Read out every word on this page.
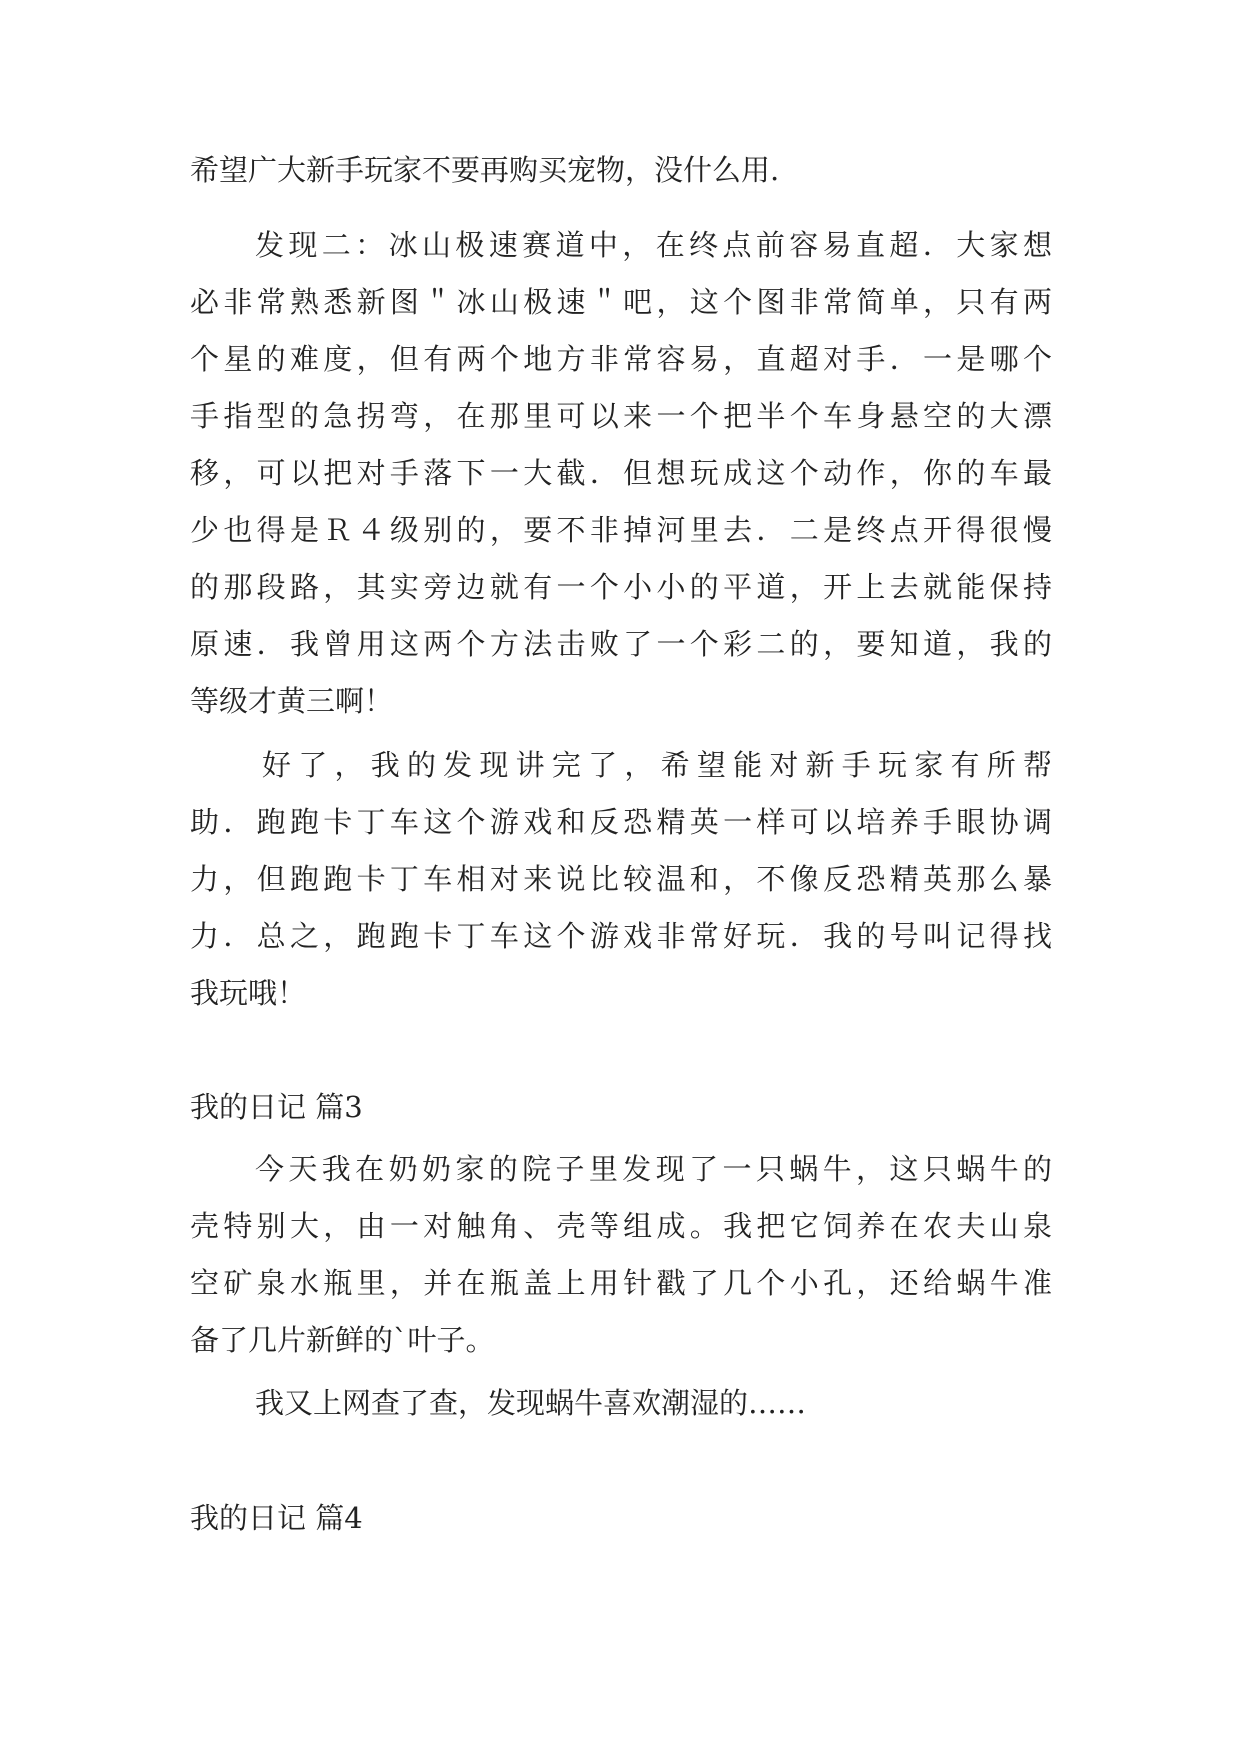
希望广大新手玩家不要再购买宠物，没什么用.
发现二：冰山极速赛道中，在终点前容易直超．大家想
必非常熟悉新图＂冰山极速＂吧，这个图非常简单，只有两
个星的难度，但有两个地方非常容易，直超对手．一是哪个
手指型的急拐弯，在那里可以来一个把半个车身悬空的大漂
移，可以把对手落下一大截．但想玩成这个动作，你的车最
少也得是Ｒ４级别的，要不非掉河里去．二是终点开得很慢
的那段路，其实旁边就有一个小小的平道，开上去就能保持
原速．我曾用这两个方法击败了一个彩二的，要知道，我的
等级才黄三啊！
好了，我的发现讲完了，希望能对新手玩家有所帮
助．跑跑卡丁车这个游戏和反恐精英一样可以培养手眼协调
力，但跑跑卡丁车相对来说比较温和，不像反恐精英那么暴
力．总之，跑跑卡丁车这个游戏非常好玩．我的号叫记得找
我玩哦！
我的日记 篇3
今天我在奶奶家的院子里发现了一只蜗牛，这只蜗牛的
壳特别大，由一对触角、壳等组成。我把它饲养在农夫山泉
空矿泉水瓶里，并在瓶盖上用针戳了几个小孔，还给蜗牛准
备了几片新鲜的`叶子。
我又上网查了查，发现蜗牛喜欢潮湿的……
我的日记 篇4
